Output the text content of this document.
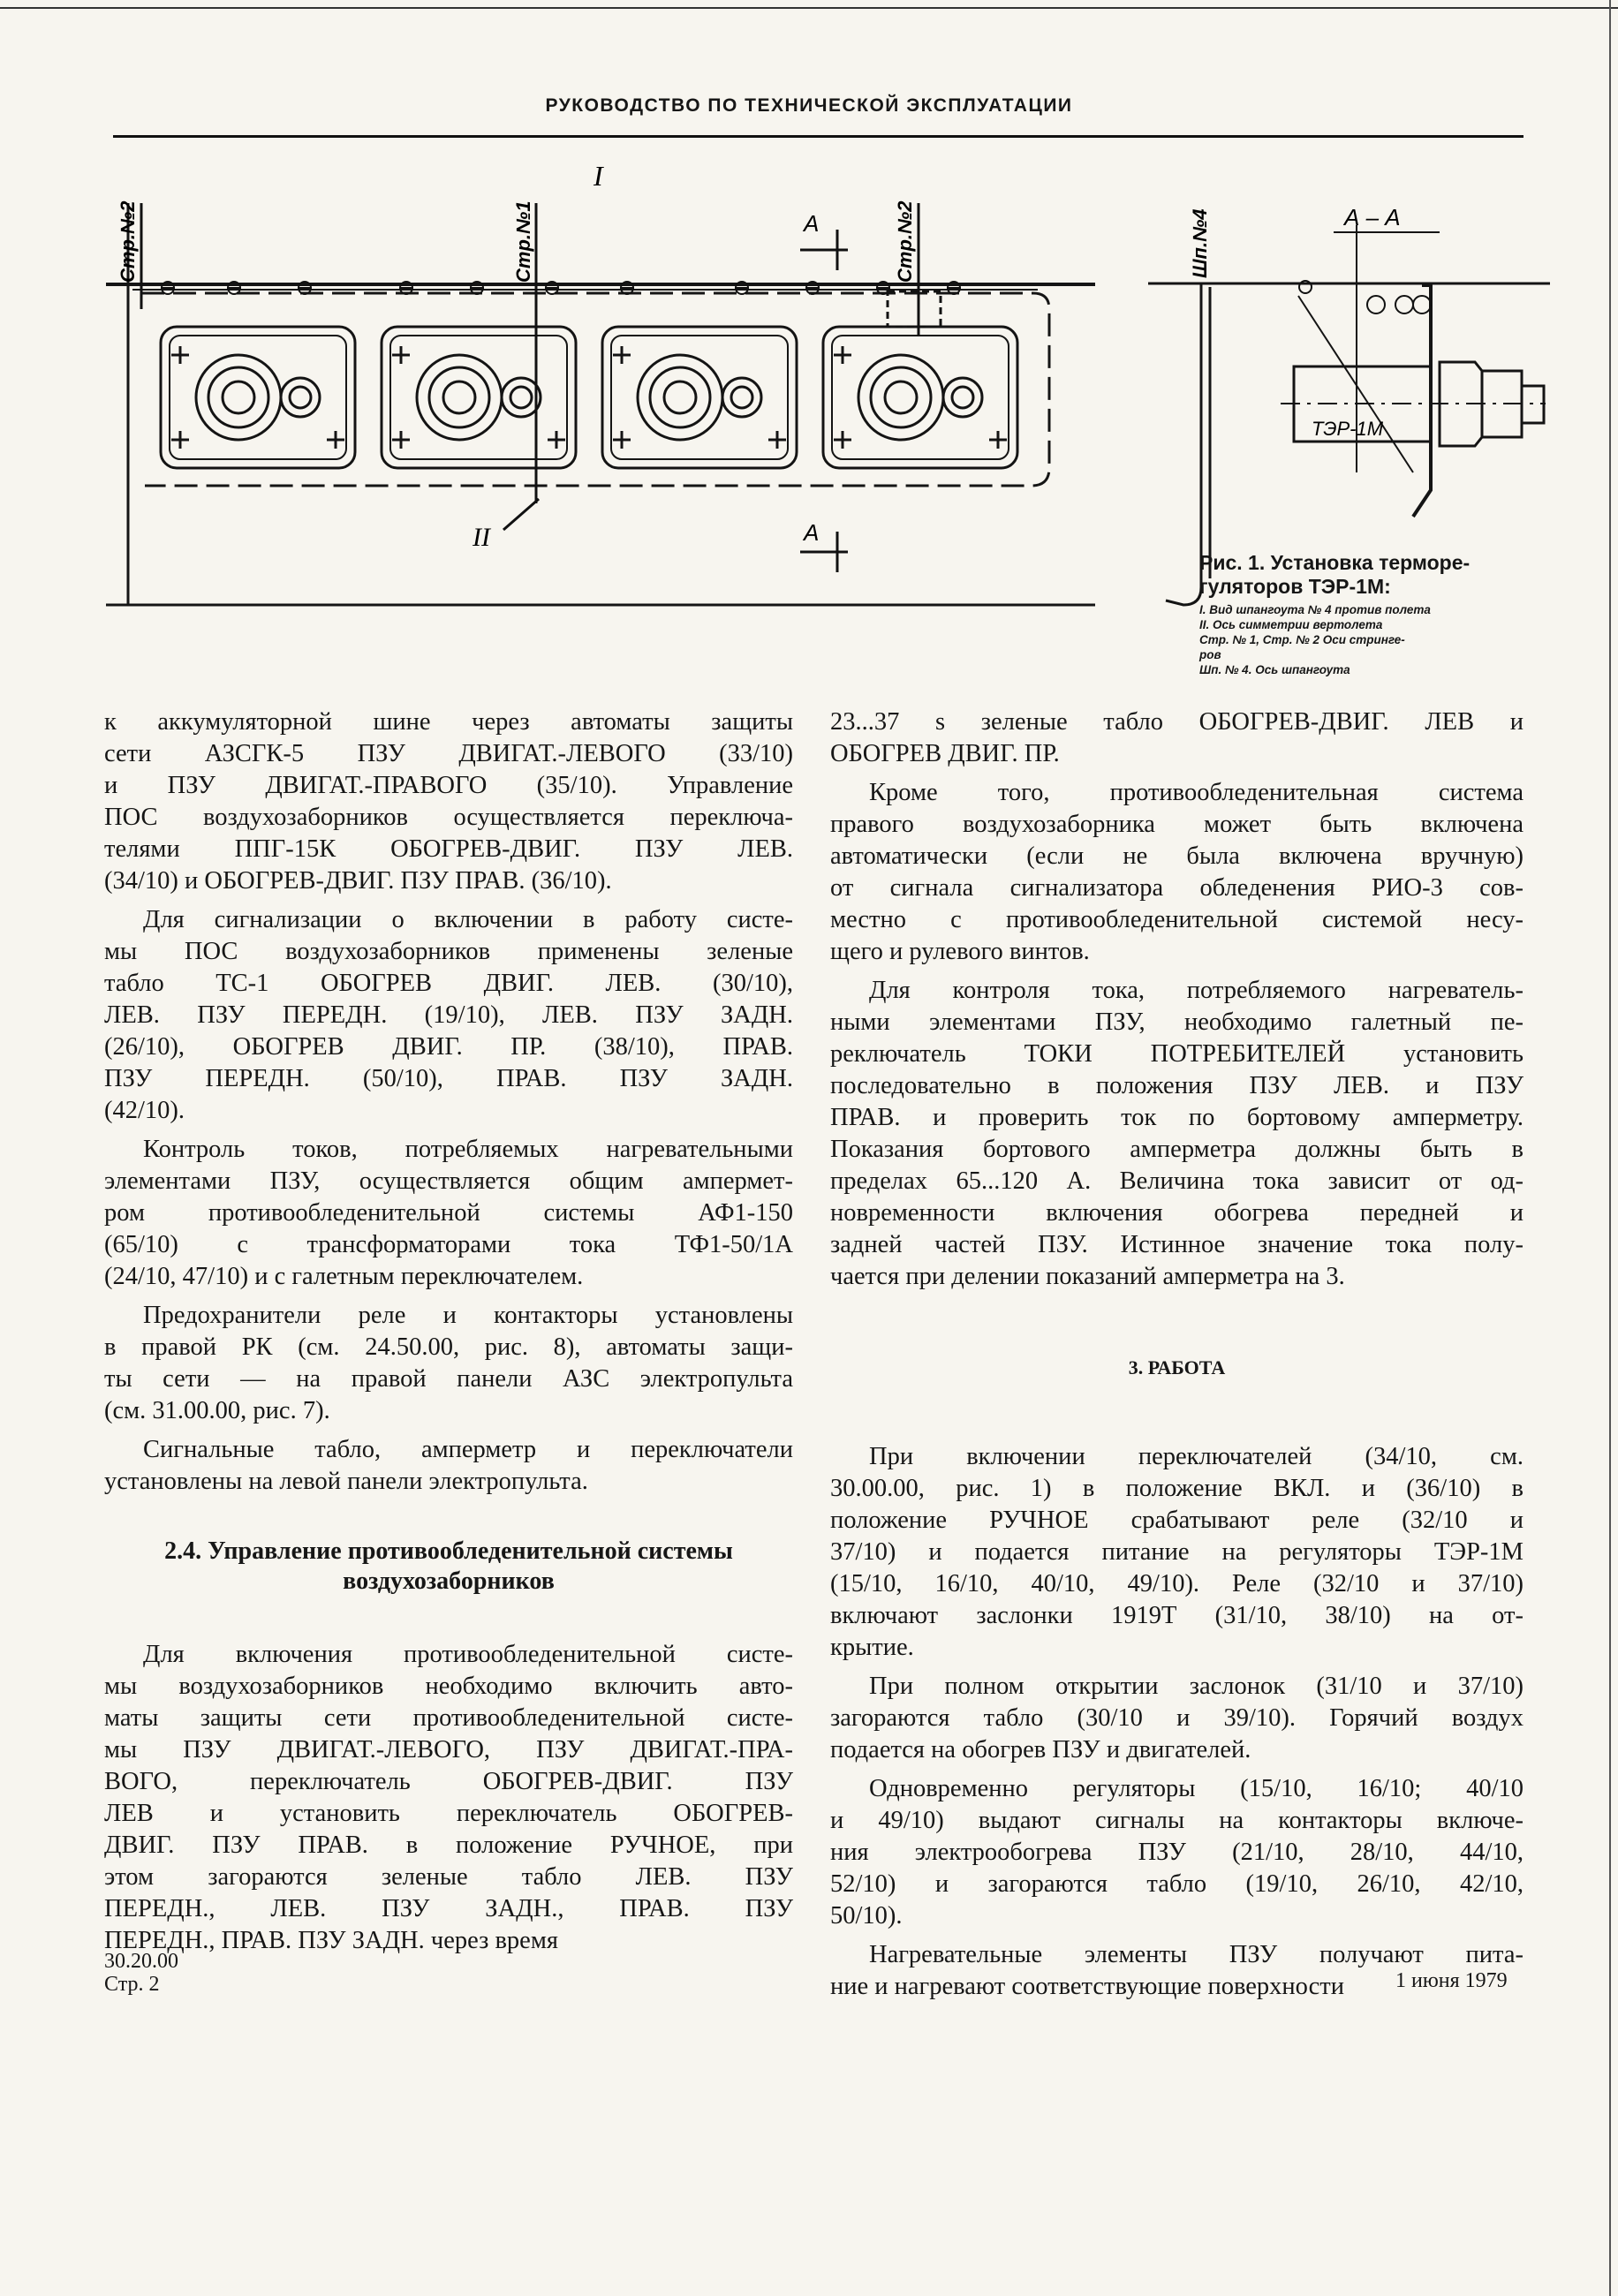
РУКОВОДСТВО ПО ТЕХНИЧЕСКОЙ ЭКСПЛУАТАЦИИ
I
II
А
А
Стр.№2	Стр.№1	Стр.№2	Шп.№4	А – А
ТЭР-1М

Рис. 1. Установка терморе-
гуляторов ТЭР-1М:

I. Вид шпангоута № 4 против полета

II. Ось симметрии вертолета

Стр. № 1, Стр. № 2 Оси стринге-

ров

Шп. № 4. Ось шпангоута

к аккумуляторной шине через автоматы защиты
сети АЗСГК-5 ПЗУ ДВИГАТ.-ЛЕВОГО (33/10)
и ПЗУ ДВИГАТ.-ПРАВОГО (35/10). Управление
ПОС воздухозаборников осуществляется переключа-
телями ППГ-15К ОБОГРЕВ-ДВИГ. ПЗУ ЛЕВ.
(34/10) и ОБОГРЕВ-ДВИГ. ПЗУ ПРАВ. (36/10).

Для сигнализации о включении в работу систе-
мы ПОС воздухозаборников применены зеленые
табло ТС-1 ОБОГРЕВ ДВИГ. ЛЕВ. (30/10),
ЛЕВ. ПЗУ ПЕРЕДН. (19/10), ЛЕВ. ПЗУ ЗАДН.
(26/10), ОБОГРЕВ ДВИГ. ПР. (38/10), ПРАВ.
ПЗУ ПЕРЕДН. (50/10), ПРАВ. ПЗУ ЗАДН.
(42/10).

Контроль токов, потребляемых нагревательными
элементами ПЗУ, осуществляется общим ампермет-
ром противообледенительной системы АФ1-150
(65/10) с трансформаторами тока ТФ1-50/1А
(24/10, 47/10) и с галетным переключателем.

Предохранители реле и контакторы установлены
в правой РК (см. 24.50.00, рис. 8), автоматы защи-
ты сети — на правой панели АЗС электропульта
(см. 31.00.00, рис. 7).

Сигнальные табло, амперметр и переключатели
установлены на левой панели электропульта.

2.4. Управление противообледенительной системы
воздухозаборников

Для включения противообледенительной систе-
мы воздухозаборников необходимо включить авто-
маты защиты сети противообледенительной систе-
мы ПЗУ ДВИГАТ.-ЛЕВОГО, ПЗУ ДВИГАТ.-ПРА-
ВОГО, переключатель ОБОГРЕВ-ДВИГ. ПЗУ
ЛЕВ и установить переключатель ОБОГРЕВ-
ДВИГ. ПЗУ ПРАВ. в положение РУЧНОЕ, при
этом загораются зеленые табло ЛЕВ. ПЗУ
ПЕРЕДН., ЛЕВ. ПЗУ ЗАДН., ПРАВ. ПЗУ
ПЕРЕДН., ПРАВ. ПЗУ ЗАДН. через время

23...37 s зеленые табло ОБОГРЕВ-ДВИГ. ЛЕВ и
ОБОГРЕВ ДВИГ. ПР.

Кроме того, противообледенительная система
правого воздухозаборника может быть включена
автоматически (если не была включена вручную)
от сигнала сигнализатора обледенения РИО-3 сов-
местно с противообледенительной системой несу-
щего и рулевого винтов.

Для контроля тока, потребляемого нагреватель-
ными элементами ПЗУ, необходимо галетный пе-
реключатель ТОКИ ПОТРЕБИТЕЛЕЙ установить
последовательно в положения ПЗУ ЛЕВ. и ПЗУ
ПРАВ. и проверить ток по бортовому амперметру.
Показания бортового амперметра должны быть в
пределах 65...120 А. Величина тока зависит от од-
новременности включения обогрева передней и
задней частей ПЗУ. Истинное значение тока полу-
чается при делении показаний амперметра на 3.

3. РАБОТА

При включении переключателей (34/10, см.
30.00.00, рис. 1) в положение ВКЛ. и (36/10) в
положение РУЧНОЕ срабатывают реле (32/10 и
37/10) и подается питание на регуляторы ТЭР-1М
(15/10, 16/10, 40/10, 49/10). Реле (32/10 и 37/10)
включают заслонки 1919Т (31/10, 38/10) на от-
крытие.

При полном открытии заслонок (31/10 и 37/10)
загораются табло (30/10 и 39/10). Горячий воздух
подается на обогрев ПЗУ и двигателей.

Одновременно регуляторы (15/10, 16/10; 40/10
и 49/10) выдают сигналы на контакторы включе-
ния электрообогрева ПЗУ (21/10, 28/10, 44/10,
52/10) и загораются табло (19/10, 26/10, 42/10,
50/10).

Нагревательные элементы ПЗУ получают пита-
ние и нагревают соответствующие поверхности

30.20.00
Стр. 2	1 июня 1979
